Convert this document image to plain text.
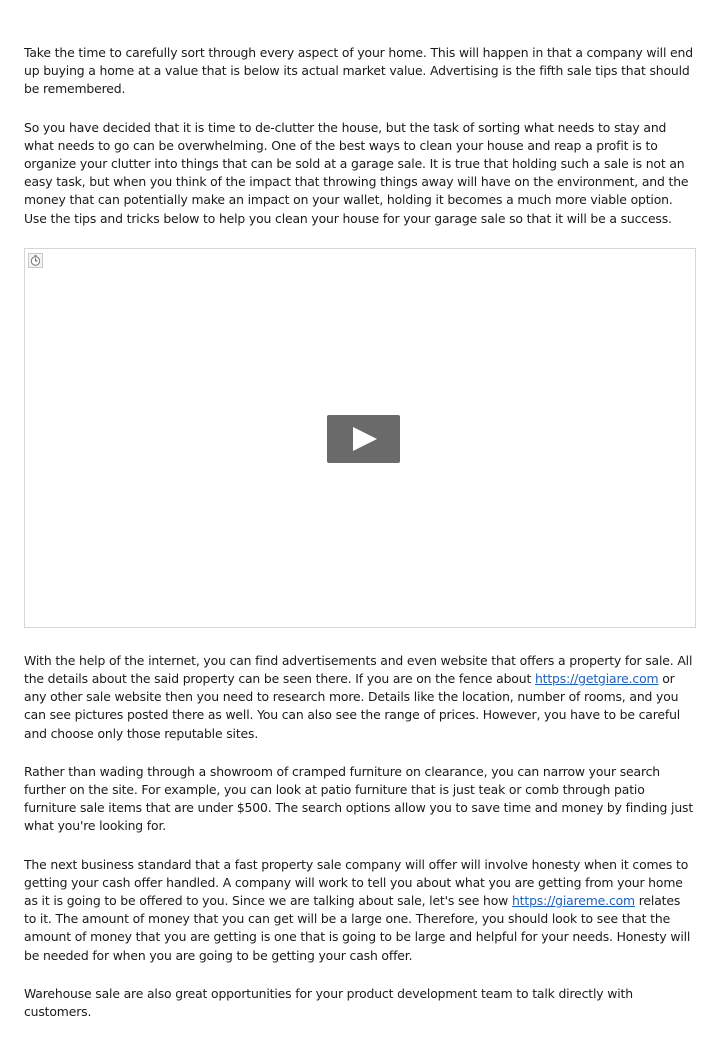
Take the time to carefully sort through every aspect of your home. This will happen in that a company will end up buying a home at a value that is below its actual market value. Advertising is the fifth sale tips that should be remembered.

So you have decided that it is time to de-clutter the house, but the task of sorting what needs to stay and what needs to go can be overwhelming. One of the best ways to clean your house and reap a profit is to organize your clutter into things that can be sold at a garage sale. It is true that holding such a sale is not an easy task, but when you think of the impact that throwing things away will have on the environment, and the money that can potentially make an impact on your wallet, holding it becomes a much more viable option. Use the tips and tricks below to help you clean your house for your garage sale so that it will be a success.

With the help of the internet, you can find advertisements and even website that offers a property for sale. All the details about the said property can be seen there. If you are on the fence about https://getgiare.com or any other sale website then you need to research more. Details like the location, number of rooms, and you can see pictures posted there as well. You can also see the range of prices. However, you have to be careful and choose only those reputable sites.

Rather than wading through a showroom of cramped furniture on clearance, you can narrow your search further on the site. For example, you can look at patio furniture that is just teak or comb through patio furniture sale items that are under $500. The search options allow you to save time and money by finding just what you're looking for.

The next business standard that a fast property sale company will offer will involve honesty when it comes to getting your cash offer handled. A company will work to tell you about what you are getting from your home as it is going to be offered to you. Since we are talking about sale, let's see how https://giareme.com relates to it. The amount of money that you can get will be a large one. Therefore, you should look to see that the amount of money that you are getting is one that is going to be large and helpful for your needs. Honesty will be needed for when you are going to be getting your cash offer.

Warehouse sale are also great opportunities for your product development team to talk directly with customers.
